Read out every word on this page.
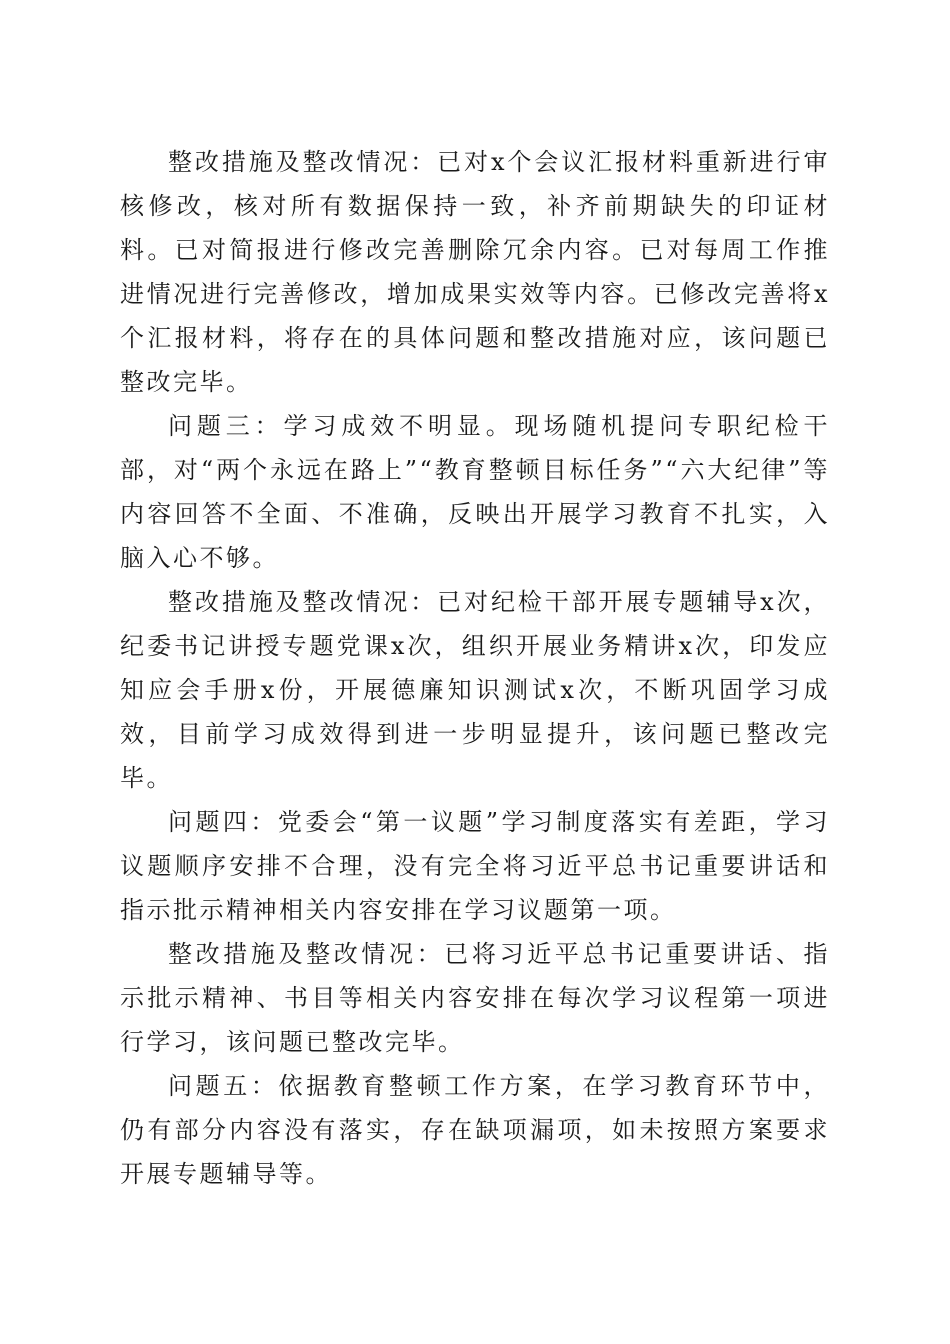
整改措施及整改情况：已对x个会议汇报材料重新进行审核修改，核对所有数据保持一致，补齐前期缺失的印证材料。已对简报进行修改完善删除冗余内容。已对每周工作推进情况进行完善修改，增加成果实效等内容。已修改完善将x个汇报材料，将存在的具体问题和整改措施对应，该问题已整改完毕。

问题三：学习成效不明显。现场随机提问专职纪检干部，对“两个永远在路上”“教育整顿目标任务”“六大纪律”等内容回答不全面、不准确，反映出开展学习教育不扎实，入脑入心不够。

整改措施及整改情况：已对纪检干部开展专题辅导x次，纪委书记讲授专题党课x次，组织开展业务精讲x次，印发应知应会手册x份，开展德廉知识测试x次，不断巩固学习成效，目前学习成效得到进一步明显提升，该问题已整改完毕。

问题四：党委会“第一议题”学习制度落实有差距，学习议题顺序安排不合理，没有完全将习近平总书记重要讲话和指示批示精神相关内容安排在学习议题第一项。

整改措施及整改情况：已将习近平总书记重要讲话、指示批示精神、书目等相关内容安排在每次学习议程第一项进行学习，该问题已整改完毕。

问题五：依据教育整顿工作方案，在学习教育环节中，仍有部分内容没有落实，存在缺项漏项，如未按照方案要求开展专题辅导等。
